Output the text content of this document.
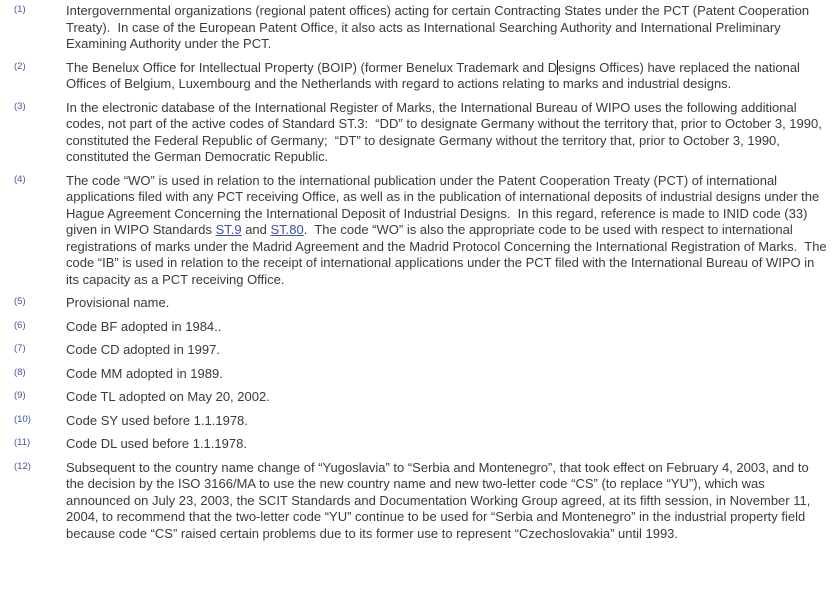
(1)	Intergovernmental organizations (regional patent offices) acting for certain Contracting States under the PCT (Patent Cooperation Treaty).  In case of the European Patent Office, it also acts as International Searching Authority and International Preliminary Examining Authority under the PCT.
(2)	The Benelux Office for Intellectual Property (BOIP) (former Benelux Trademark and Designs Offices) have replaced the national Offices of Belgium, Luxembourg and the Netherlands with regard to actions relating to marks and industrial designs.
(3)	In the electronic database of the International Register of Marks, the International Bureau of WIPO uses the following additional codes, not part of the active codes of Standard ST.3:  “DD” to designate Germany without the territory that, prior to October 3, 1990, constituted the Federal Republic of Germany;  “DT” to designate Germany without the territory that, prior to October 3, 1990, constituted the German Democratic Republic.
(4)	The code “WO” is used in relation to the international publication under the Patent Cooperation Treaty (PCT) of international applications filed with any PCT receiving Office, as well as in the publication of international deposits of industrial designs under the Hague Agreement Concerning the International Deposit of Industrial Designs.  In this regard, reference is made to INID code (33) given in WIPO Standards ST.9 and ST.80.  The code “WO” is also the appropriate code to be used with respect to international registrations of marks under the Madrid Agreement and the Madrid Protocol Concerning the International Registration of Marks.  The code “IB” is used in relation to the receipt of international applications under the PCT filed with the International Bureau of WIPO in its capacity as a PCT receiving Office.
(5)	Provisional name.
(6)	Code BF adopted in 1984..
(7)	Code CD adopted in 1997.
(8)	Code MM adopted in 1989.
(9)	Code TL adopted on May 20, 2002.
(10)	Code SY used before 1.1.1978.
(11)	Code DL used before 1.1.1978.
(12)	Subsequent to the country name change of “Yugoslavia” to “Serbia and Montenegro”, that took effect on February 4, 2003, and to the decision by the ISO 3166/MA to use the new country name and new two-letter code “CS” (to replace “YU”), which was announced on July 23, 2003, the SCIT Standards and Documentation Working Group agreed, at its fifth session, in November 11, 2004, to recommend that the two-letter code “YU” continue to be used for “Serbia and Montenegro” in the industrial property field because code “CS” raised certain problems due to its former use to represent “Czechoslovakia” until 1993.
